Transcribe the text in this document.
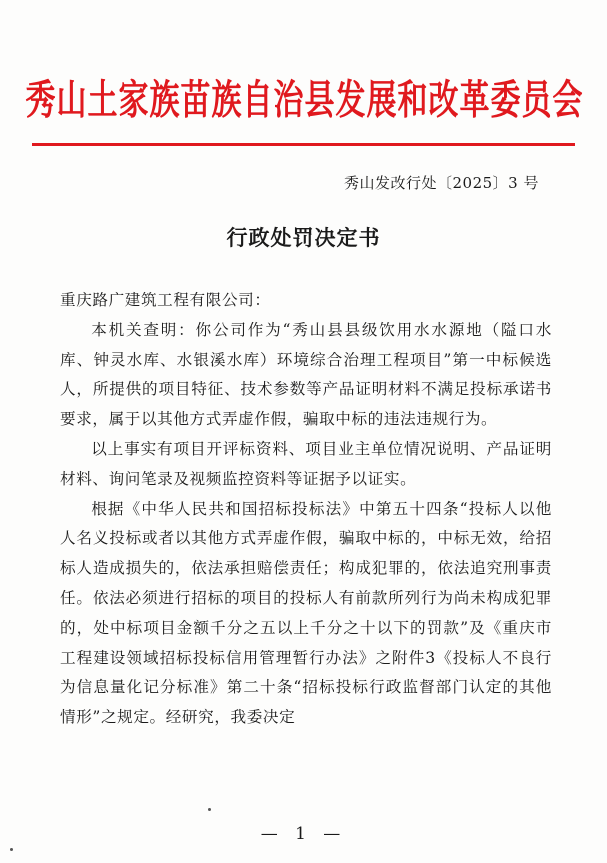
秀山土家族苗族自治县发展和改革委员会
秀山发改行处〔2025〕3 号
行政处罚决定书

重庆路广建筑工程有限公司：

本机关查明：你公司作为“秀山县县级饮用水水源地（隘口水库、钟灵水库、水银溪水库）环境综合治理工程项目”第一中标候选人，所提供的项目特征、技术参数等产品证明材料不满足投标承诺书要求，属于以其他方式弄虚作假，骗取中标的违法违规行为。

以上事实有项目开评标资料、项目业主单位情况说明、产品证明材料、询问笔录及视频监控资料等证据予以证实。

根据《中华人民共和国招标投标法》中第五十四条“投标人以他人名义投标或者以其他方式弄虚作假，骗取中标的，中标无效，给招标人造成损失的，依法承担赔偿责任；构成犯罪的，依法追究刑事责任。依法必须进行招标的项目的投标人有前款所列行为尚未构成犯罪的，处中标项目金额千分之五以上千分之十以下的罚款”及《重庆市工程建设领域招标投标信用管理暂行办法》之附件3《投标人不良行为信息量化记分标准》第二十条“招标投标行政监督部门认定的其他情形”之规定。经研究，我委决定

— 1 —
